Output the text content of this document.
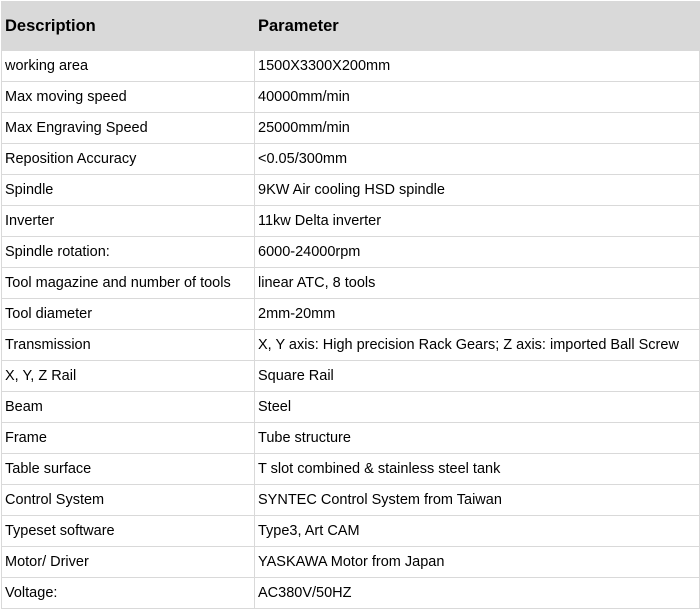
Description	Parameter
working area	1500X3300X200mm
Max moving speed	40000mm/min
Max Engraving Speed	25000mm/min
Reposition Accuracy	<0.05/300mm
Spindle	9KW Air cooling HSD spindle
Inverter	11kw Delta inverter
Spindle rotation:	6000-24000rpm
Tool magazine and number of tools	linear ATC, 8 tools
Tool diameter	2mm-20mm
Transmission	X, Y axis: High precision Rack Gears; Z axis: imported Ball Screw
X, Y, Z Rail	Square Rail
Beam	Steel
Frame	Tube structure
Table surface	T slot combined & stainless steel tank
Control System	SYNTEC Control System from Taiwan
Typeset software	Type3, Art CAM
Motor/ Driver	YASKAWA Motor from Japan
Voltage:	AC380V/50HZ
